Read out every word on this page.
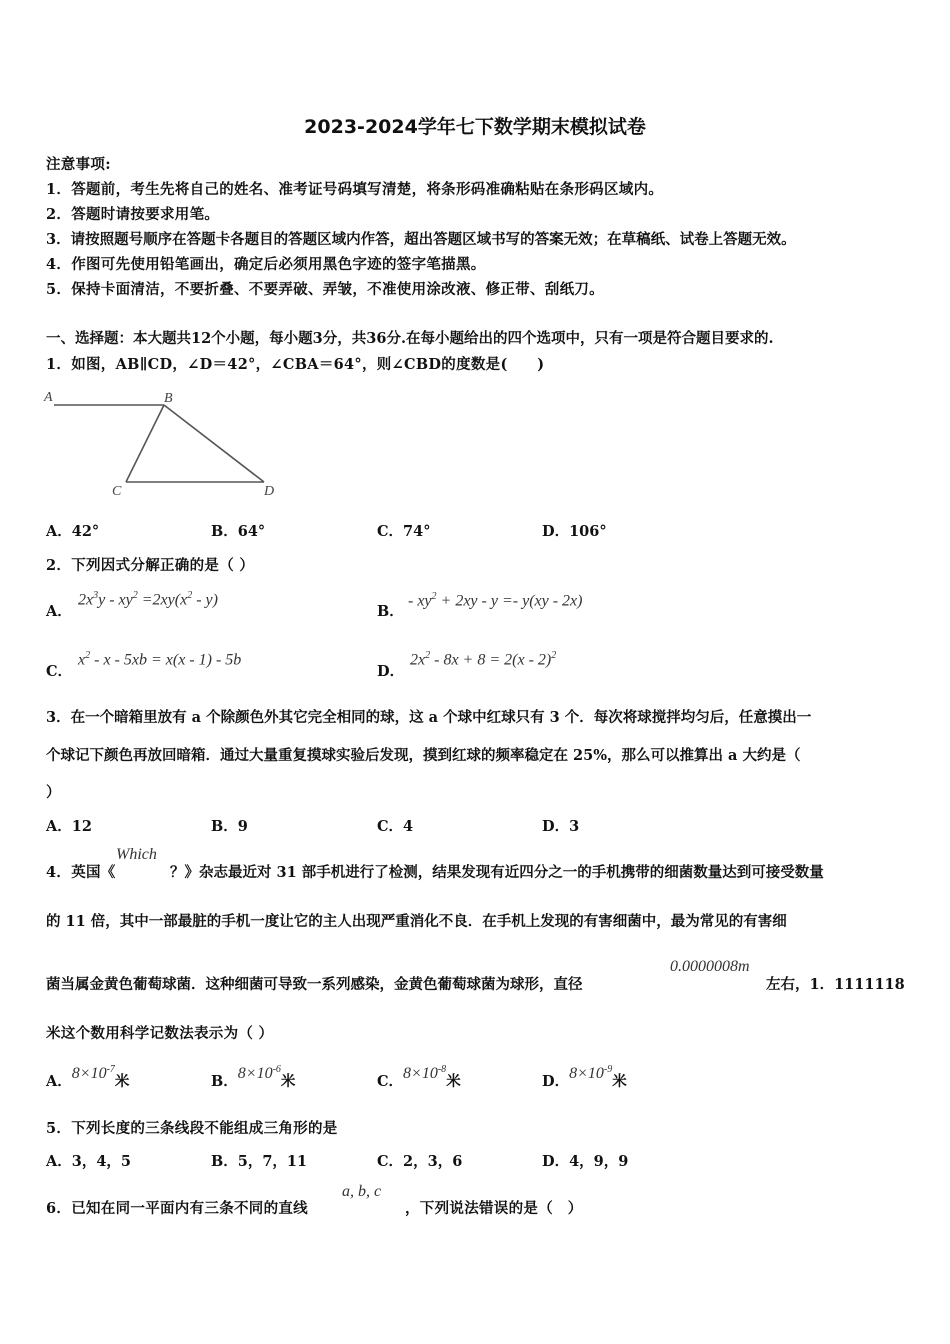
2023-2024学年七下数学期末模拟试卷
注意事项:
1．答题前，考生先将自己的姓名、准考证号码填写清楚，将条形码准确粘贴在条形码区域内。
2．答题时请按要求用笔。
3．请按照题号顺序在答题卡各题目的答题区域内作答，超出答题区域书写的答案无效；在草稿纸、试卷上答题无效。
4．作图可先使用铅笔画出，确定后必须用黑色字迹的签字笔描黑。
5．保持卡面清洁，不要折叠、不要弄破、弄皱，不准使用涂改液、修正带、刮纸刀。
一、选择题：本大题共12个小题，每小题3分，共36分.在每小题给出的四个选项中，只有一项是符合题目要求的.
1．如图，AB∥CD，∠D＝42°，∠CBA＝64°，则∠CBD的度数是(　　)
A	B
C	D
A．42°	B．64°	C．74°	D．106°
2．下列因式分解正确的是（ ）
A．
$2x^3y - xy^2 =2xy(x^2 - y)$
B．
- $xy^2 + 2xy - y =- y(xy - 2x)$
C．
$x^2 - x - 5xb = x(x - 1) - 5b$
D．
$2x^2 - 8x + 8 = 2(x - 2)^2$
3．在一个暗箱里放有 a 个除颜色外其它完全相同的球，这 a 个球中红球只有 3 个．每次将球搅拌均匀后，任意摸出一
个球记下颜色再放回暗箱．通过大量重复摸球实验后发现，摸到红球的频率稳定在 25%，那么可以推算出 a 大约是（
）
A．12	B．9	C．4	D．3
4．英国《
Which
？》杂志最近对 31 部手机进行了检测，结果发现有近四分之一的手机携带的细菌数量达到可接受数量
的 11 倍，其中一部最脏的手机一度让它的主人出现严重消化不良．在手机上发现的有害细菌中，最为常见的有害细
菌当属金黄色葡萄球菌．这种细菌可导致一系列感染，金黄色葡萄球菌为球形，直径
0.0000008m
左右，1．1111118
米这个数用科学记数法表示为（ ）
A．$8\times 10^{-7}$米	B．$8\times 10^{-6}$米	C．$8\times 10^{-8}$米	D．$8\times 10^{-9}$米
5．下列长度的三条线段不能组成三角形的是
A．3，4，5	B．5，7，11	C．2，3，6	D．4，9，9
6．已知在同一平面内有三条不同的直线
a, b, c
，下列说法错误的是（　）
